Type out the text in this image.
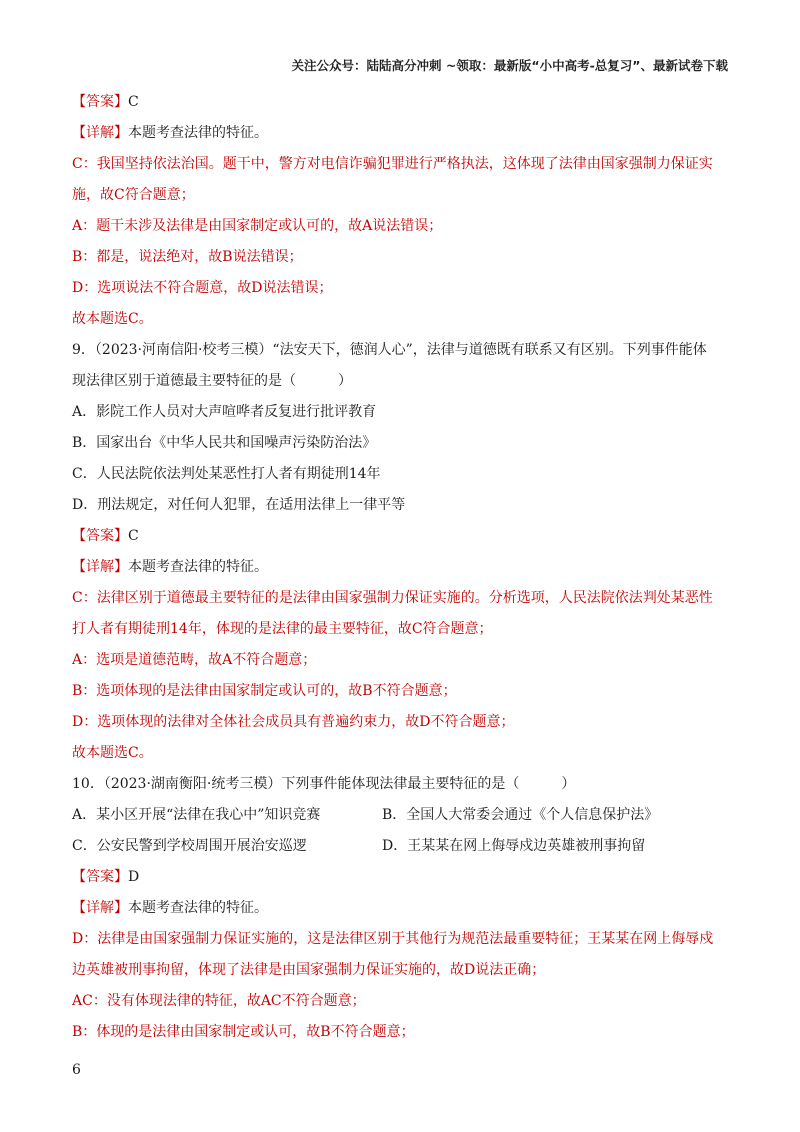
关注公众号：陆陆高分冲刺 ~领取：最新版“小中高考-总复习”、最新试卷下载
【答案】C
【详解】本题考查法律的特征。
C：我国坚持依法治国。题干中，警方对电信诈骗犯罪进行严格执法，这体现了法律由国家强制力保证实
施，故C符合题意；
A：题干未涉及法律是由国家制定或认可的，故A说法错误；
B：都是，说法绝对，故B说法错误；
D：选项说法不符合题意，故D说法错误；
故本题选C。
9．（2023·河南信阳·校考三模）“法安天下，德润人心”，法律与道德既有联系又有区别。下列事件能体
现法律区别于道德最主要特征的是（　　　）
A．影院工作人员对大声喧哗者反复进行批评教育
B．国家出台《中华人民共和国噪声污染防治法》
C．人民法院依法判处某恶性打人者有期徒刑14年
D．刑法规定，对任何人犯罪，在适用法律上一律平等
【答案】C
【详解】本题考查法律的特征。
C：法律区别于道德最主要特征的是法律由国家强制力保证实施的。分析选项，人民法院依法判处某恶性
打人者有期徒刑14年，体现的是法律的最主要特征，故C符合题意；
A：选项是道德范畴，故A不符合题意；
B：选项体现的是法律由国家制定或认可的，故B不符合题意；
D：选项体现的法律对全体社会成员具有普遍约束力，故D不符合题意；
故本题选C。
10．（2023·湖南衡阳·统考三模）下列事件能体现法律最主要特征的是（　　　）
A．某小区开展“法律在我心中”知识竞赛	B．全国人大常委会通过《个人信息保护法》
C．公安民警到学校周围开展治安巡逻	D．王某某在网上侮辱戍边英雄被刑事拘留
【答案】D
【详解】本题考查法律的特征。
D：法律是由国家强制力保证实施的，这是法律区别于其他行为规范法最重要特征；王某某在网上侮辱戍
边英雄被刑事拘留，体现了法律是由国家强制力保证实施的，故D说法正确；
AC：没有体现法律的特征，故AC不符合题意；
B：体现的是法律由国家制定或认可，故B不符合题意；
6
